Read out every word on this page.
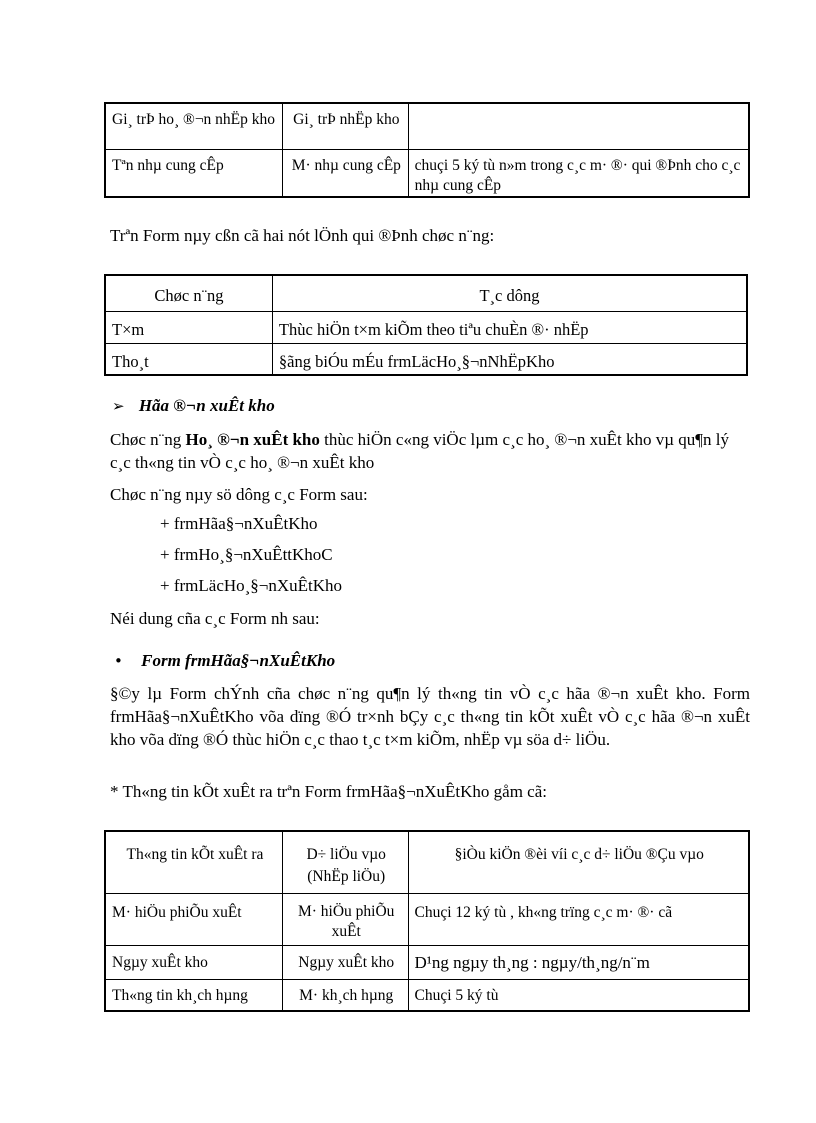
Gi¸ trÞ ho¸ ®¬n nhËp kho	Gi¸ trÞ nhËp kho	
Tªn nhµ cung cÊp	M· nhµ cung cÊp	chuçi 5 ký tù n»m trong c¸c m· ®· qui ®Þnh cho c¸c nhµ cung cÊp
Trªn Form nµy cßn cã hai nót lÖnh qui ®Þnh chøc n¨ng:
Chøc n¨ng	T¸c dông
T×m	Thùc hiÖn t×m kiÕm theo tiªu chuÈn ®· nhËp
Tho¸t	§ãng biÓu mÉu frmLäcHo¸§¬nNhËpKho
➢ Hãa ®¬n xuÊt kho
Chøc n¨ng Ho¸ ®¬n xuÊt kho thùc hiÖn c«ng viÖc lµm c¸c ho¸ ®¬n xuÊt kho vµ qu¶n lý c¸c th«ng tin vÒ c¸c ho¸ ®¬n xuÊt kho
Chøc n¨ng nµy sö dông c¸c Form sau:
+ frmHãa§¬nXuÊtKho
+ frmHo¸§¬nXuÊttKhoC
+ frmLäcHo¸§¬nXuÊtKho
Néi dung cña c¸c Form nh sau:
• Form frmHãa§¬nXuÊtKho
§©y lµ Form chÝnh cña chøc n¨ng qu¶n lý th«ng tin vÒ c¸c hãa ®¬n xuÊt kho. Form frmHãa§¬nXuÊtKho võa dïng ®Ó tr×nh bÇy c¸c th«ng tin kÕt xuÊt vÒ c¸c hãa ®¬n xuÊt kho võa dïng ®Ó thùc hiÖn c¸c thao t¸c t×m kiÕm, nhËp vµ söa d÷ liÖu.
* Th«ng tin kÕt xuÊt ra trªn Form frmHãa§¬nXuÊtKho gåm cã:
Th«ng tin kÕt xuÊt ra	D÷ liÖu vµo (NhËp liÖu)	§iÒu kiÖn ®èi víi c¸c d÷ liÖu ®Çu vµo
M· hiÖu phiÕu xuÊt	M· hiÖu phiÕu xuÊt	Chuçi 12 ký tù , kh«ng trïng c¸c m· ®· cã
Ngµy xuÊt kho	Ngµy xuÊt kho	D¹ng ngµy th¸ng : ngµy/th¸ng/n¨m
Th«ng tin kh¸ch hµng	M· kh¸ch hµng	Chuçi 5 ký tù
